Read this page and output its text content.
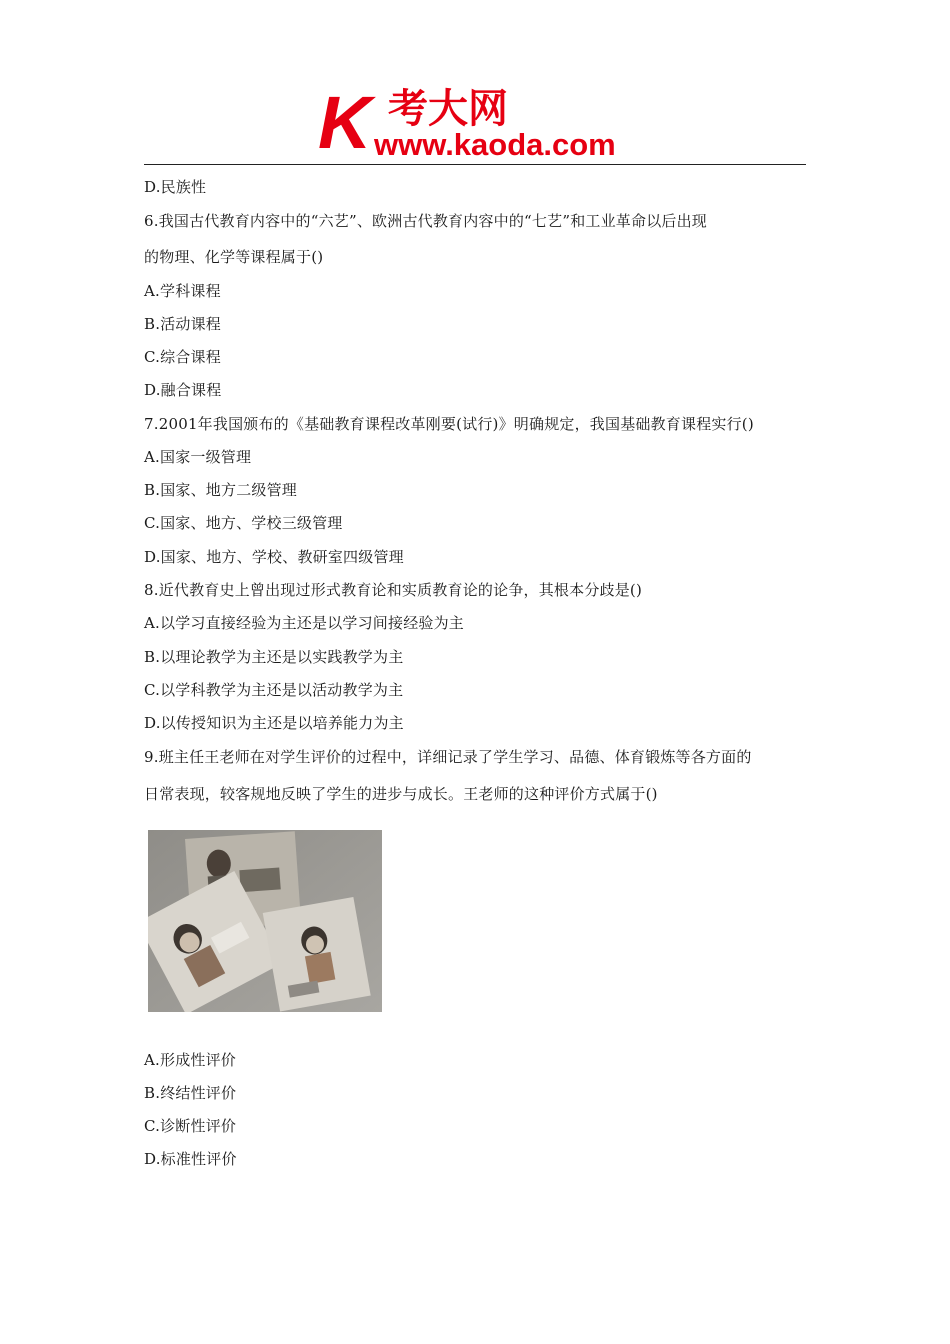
K 考大网
www.kaoda.com
D.民族性
6.我国古代教育内容中的“六艺”、欧洲古代教育内容中的“七艺”和工业革命以后出现
的物理、化学等课程属于()
A.学科课程
B.活动课程
C.综合课程
D.融合课程
7.2001年我国颁布的《基础教育课程改革刚要(试行)》明确规定，我国基础教育课程实行()
A.国家一级管理
B.国家、地方二级管理
C.国家、地方、学校三级管理
D.国家、地方、学校、教研室四级管理
8.近代教育史上曾出现过形式教育论和实质教育论的论争，其根本分歧是()
A.以学习直接经验为主还是以学习间接经验为主
B.以理论教学为主还是以实践教学为主
C.以学科教学为主还是以活动教学为主
D.以传授知识为主还是以培养能力为主
9.班主任王老师在对学生评价的过程中，详细记录了学生学习、品德、体育锻炼等各方面的
日常表现，较客规地反映了学生的进步与成长。王老师的这种评价方式属于()
A.形成性评价
B.终结性评价
C.诊断性评价
D.标准性评价
